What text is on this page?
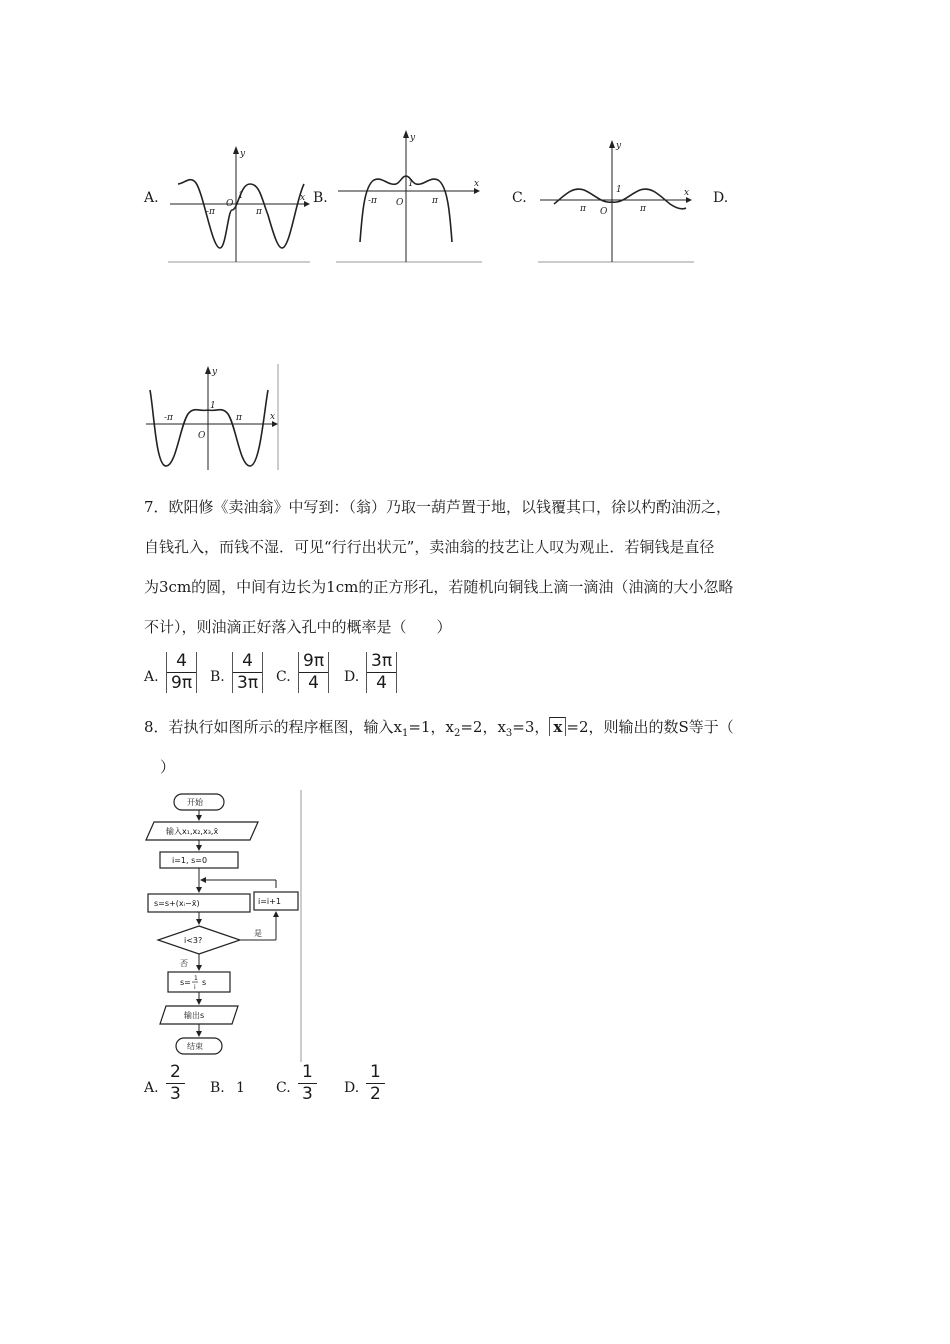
A.
y
x
O
1
-π	π
B.
y
x
O
1
-π	π	C.
y
x
O
1
π	π
D.
y
x
O
1
-π	π
7．欧阳修《卖油翁》中写到：（翁）乃取一葫芦置于地，以钱覆其口，徐以杓酌油沥之，
自钱孔入，而钱不湿．可见“行行出状元”，卖油翁的技艺让人叹为观止．若铜钱是直径
为3cm的圆，中间有边长为1cm的正方形孔，若随机向铜钱上滴一滴油（油滴的大小忽略
不计），则油滴正好落入孔中的概率是（　　）
A.
4
9π B.
4
3π C.
9π
4 D.
3π
4
8．若执行如图所示的程序框图，输入$x_1=1$，$x_2=2$，$x_3=3$， x =2，则输出的数S等于（
）
开始
输入x₁,x₂,x₃,x̄
i=1, s=0
s=s+(xᵢ−x̄)	i=i+1
i<3?
是
否
s= 1
i
s
输出s
结束
A.
2
3 B. 1 C.
1
3 D.
1
2
